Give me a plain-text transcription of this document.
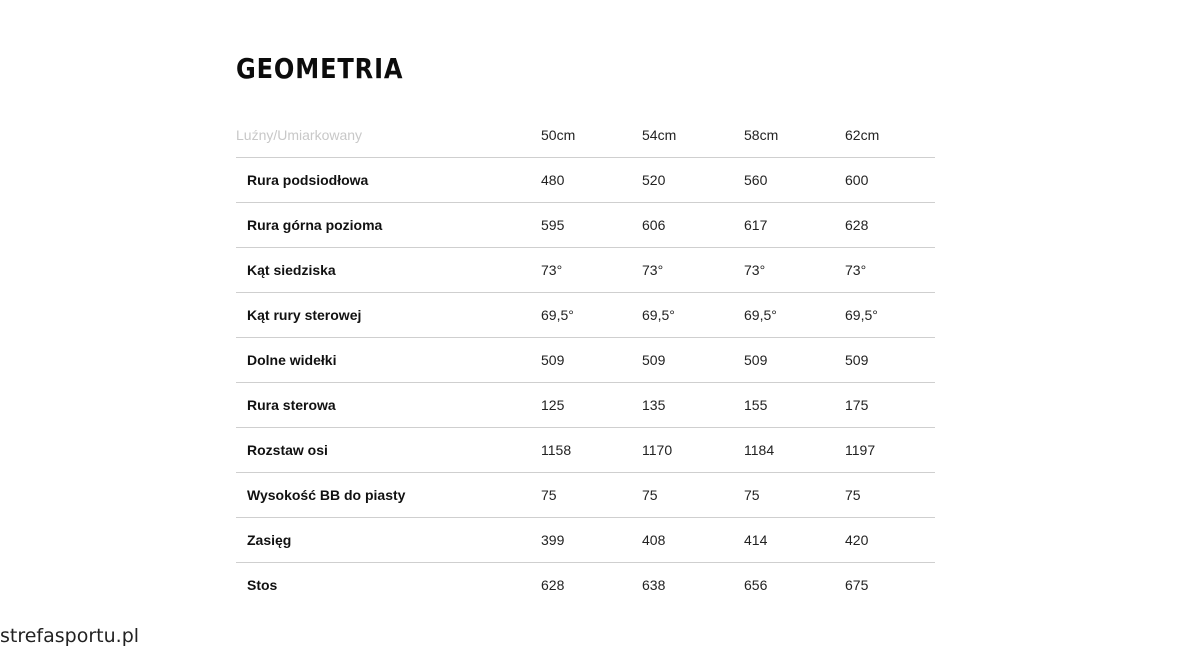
GEOMETRIA
Luźny/Umiarkowany	50cm	54cm	58cm	62cm
Rura podsiodłowa	480	520	560	600
Rura górna pozioma	595	606	617	628
Kąt siedziska	73°	73°	73°	73°
Kąt rury sterowej	69,5°	69,5°	69,5°	69,5°
Dolne widełki	509	509	509	509
Rura sterowa	125	135	155	175
Rozstaw osi	1158	1170	1184	1197
Wysokość BB do piasty	75	75	75	75
Zasięg	399	408	414	420
Stos	628	638	656	675
strefasportu.pl
